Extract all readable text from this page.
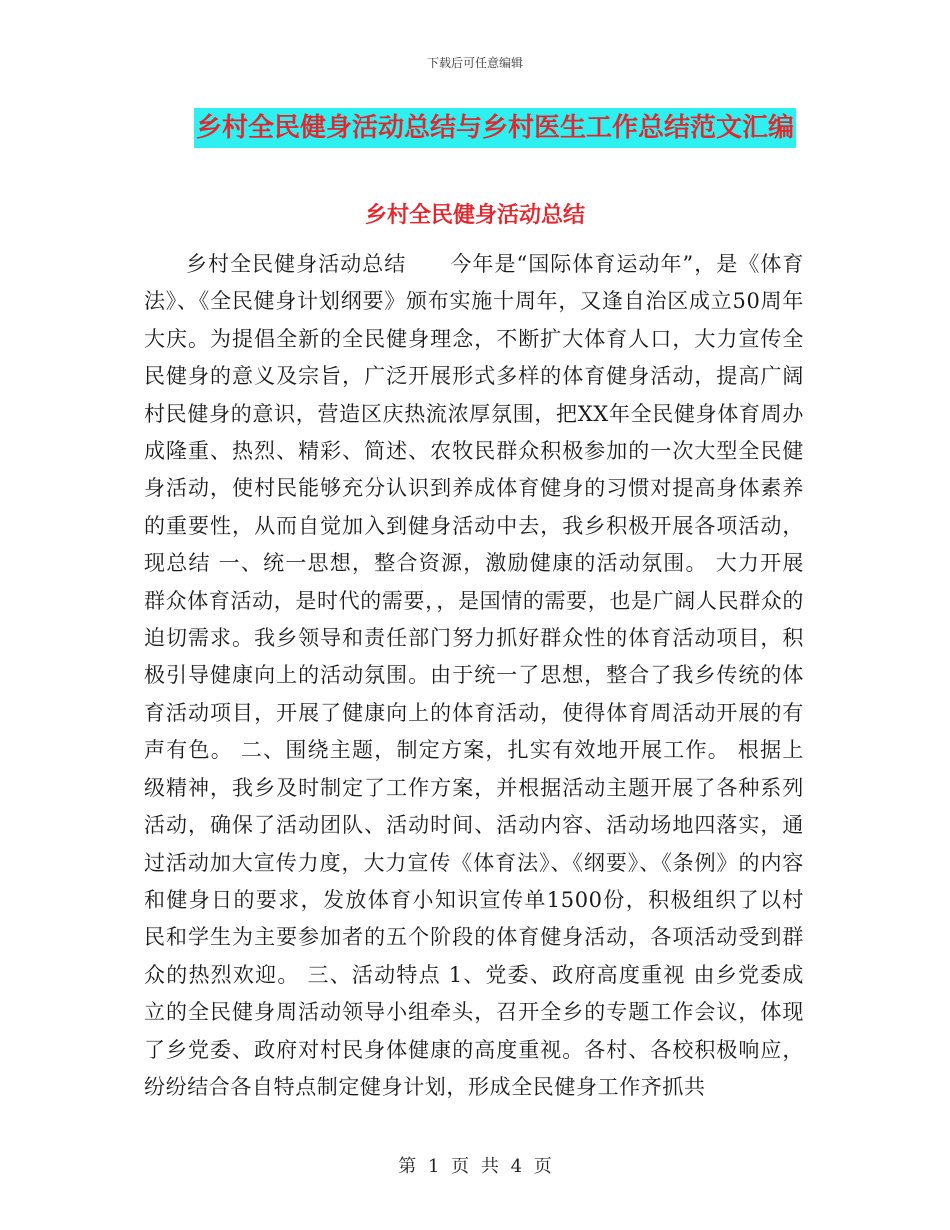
下载后可任意编辑
乡村全民健身活动总结与乡村医生工作总结范文汇编
乡村全民健身活动总结
乡村全民健身活动总结　　今年是“国际体育运动年”，是《体育法》、《全民健身计划纲要》颁布实施十周年，又逢自治区成立50周年大庆。为提倡全新的全民健身理念，不断扩大体育人口，大力宣传全民健身的意义及宗旨，广泛开展形式多样的体育健身活动，提高广阔村民健身的意识，营造区庆热流浓厚氛围，把XX年全民健身体育周办成隆重、热烈、精彩、简述、农牧民群众积极参加的一次大型全民健身活动，使村民能够充分认识到养成体育健身的习惯对提高身体素养的重要性，从而自觉加入到健身活动中去，我乡积极开展各项活动，现总结 一、统一思想，整合资源，激励健康的活动氛围。 大力开展群众体育活动，是时代的需要，，是国情的需要，也是广阔人民群众的迫切需求。我乡领导和责任部门努力抓好群众性的体育活动项目，积极引导健康向上的活动氛围。由于统一了思想，整合了我乡传统的体育活动项目，开展了健康向上的体育活动，使得体育周活动开展的有声有色。 二、围绕主题，制定方案，扎实有效地开展工作。 根据上级精神，我乡及时制定了工作方案，并根据活动主题开展了各种系列活动，确保了活动团队、活动时间、活动内容、活动场地四落实，通过活动加大宣传力度，大力宣传《体育法》、《纲要》、《条例》的内容和健身日的要求，发放体育小知识宣传单1500份，积极组织了以村民和学生为主要参加者的五个阶段的体育健身活动，各项活动受到群众的热烈欢迎。 三、活动特点 1、党委、政府高度重视 由乡党委成立的全民健身周活动领导小组牵头，召开全乡的专题工作会议，体现了乡党委、政府对村民身体健康的高度重视。各村、各校积极响应，纷纷结合各自特点制定健身计划，形成全民健身工作齐抓共
第 1 页 共 4 页
